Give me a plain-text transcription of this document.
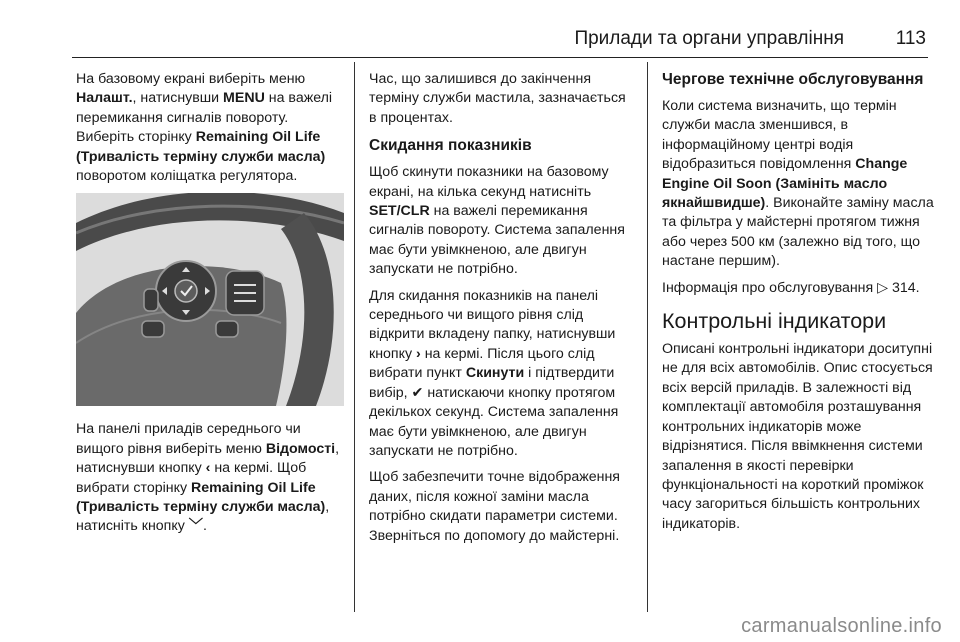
Прилади та органи управління	113

На базовому екрані виберіть меню Налашт., натиснувши MENU на важелі перемикання сигналів повороту. Виберіть сторінку Remaining Oil Life (Тривалість терміну служби масла) поворотом коліщатка регулятора.

На панелі приладів середнього чи вищого рівня виберіть меню Відомості, натиснувши кнопку ‹ на кермі. Щоб вибрати сторінку Remaining Oil Life (Тривалість терміну служби масла), натисніть кнопку ﹀.

Час, що залишився до закінчення терміну служби мастила, зазначається в процентах.

Скидання показників

Щоб скинути показники на базовому екрані, на кілька секунд натисніть SET/CLR на важелі перемикання сигналів повороту. Система запалення має бути увімкненою, але двигун запускати не потрібно.

Для скидання показників на панелі середнього чи вищого рівня слід відкрити вкладену папку, натиснувши кнопку › на кермі. Після цього слід вибрати пункт Скинути і підтвердити вибір, ✔ натискаючи кнопку протягом декількох секунд. Система запалення має бути увімкненою, але двигун запускати не потрібно.

Щоб забезпечити точне відображення даних, після кожної заміни масла потрібно скидати параметри системи. Зверніться по допомогу до майстерні.

Чергове технічне обслуговування

Коли система визначить, що термін служби масла зменшився, в інформаційному центрі водія відобразиться повідомлення Change Engine Oil Soon (Замініть масло якнайшвидше). Виконайте заміну масла та фільтра у майстерні протягом тижня або через 500 км (залежно від того, що настане першим).

Інформація про обслуговування ▷ 314.

Контрольні індикатори

Описані контрольні індикатори доситупні не для всіх автомобілів. Опис стосується всіх версій приладів. В залежності від комплектації автомобіля розташування контрольних індикаторів може відрізнятися. Після ввімкнення системи запалення в якості перевірки функціональності на короткий проміжок часу загориться більшість контрольних індикаторів.

carmanualsonline.info
